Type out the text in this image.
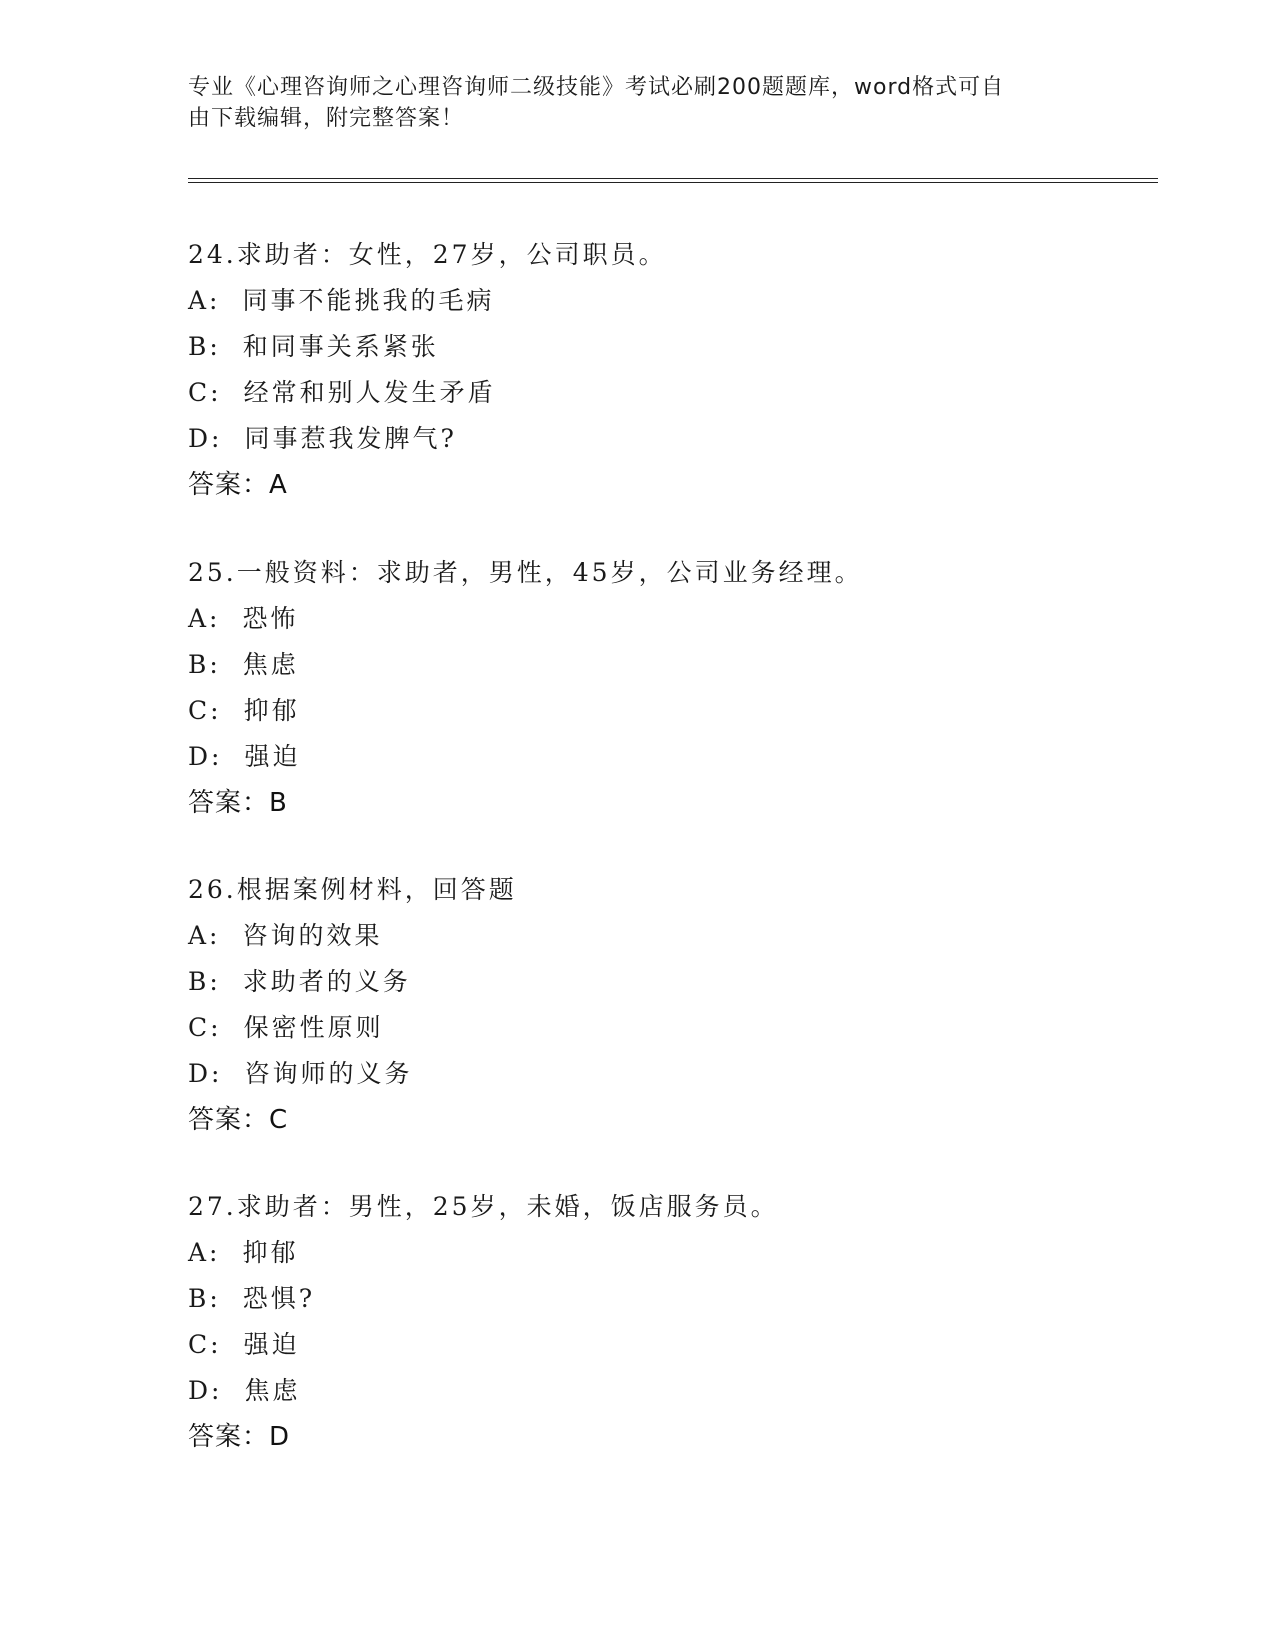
专业《心理咨询师之心理咨询师二级技能》考试必刷200题题库，word格式可自
由下载编辑，附完整答案！
24.求助者：女性，27岁，公司职员。
A: 同事不能挑我的毛病
B: 和同事关系紧张
C: 经常和别人发生矛盾
D: 同事惹我发脾气?
答案：A
25.一般资料：求助者，男性，45岁，公司业务经理。
A: 恐怖
B: 焦虑
C: 抑郁
D: 强迫
答案：B
26.根据案例材料，回答题
A: 咨询的效果
B: 求助者的义务
C: 保密性原则
D: 咨询师的义务
答案：C
27.求助者：男性，25岁，未婚，饭店服务员。
A: 抑郁
B: 恐惧?
C: 强迫
D: 焦虑
答案：D
